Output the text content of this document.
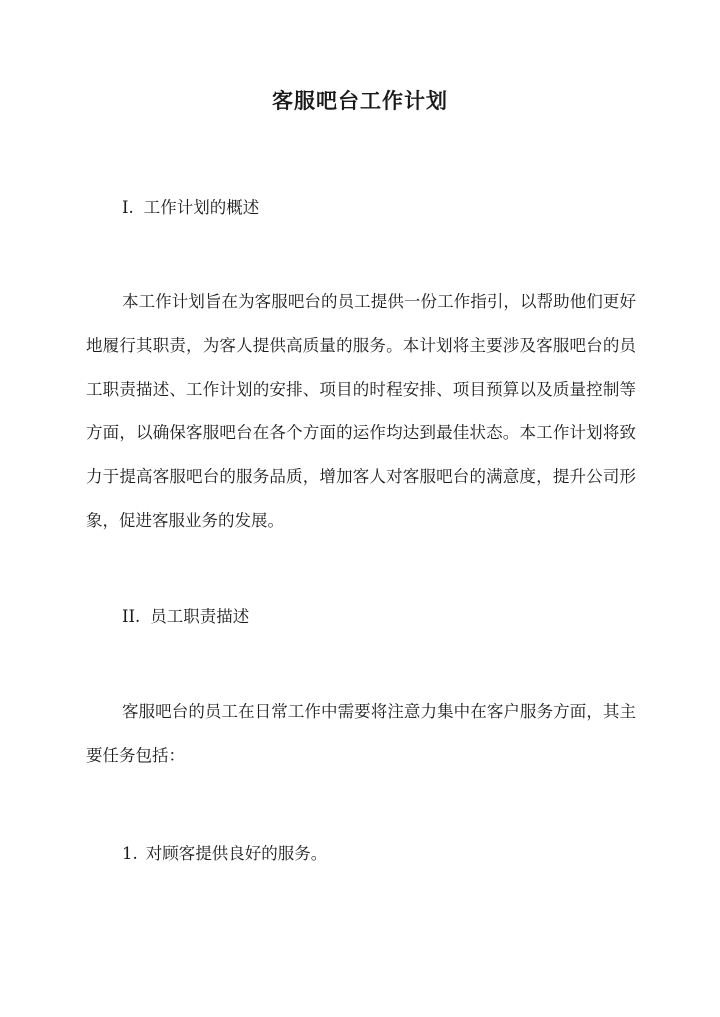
客服吧台工作计划
I. 工作计划的概述

本工作计划旨在为客服吧台的员工提供一份工作指引，以帮助他们更好地履行其职责，为客人提供高质量的服务。本计划将主要涉及客服吧台的员工职责描述、工作计划的安排、项目的时程安排、项目预算以及质量控制等方面，以确保客服吧台在各个方面的运作均达到最佳状态。本工作计划将致力于提高客服吧台的服务品质，增加客人对客服吧台的满意度，提升公司形象，促进客服业务的发展。

II. 员工职责描述

客服吧台的员工在日常工作中需要将注意力集中在客户服务方面，其主要任务包括：

1. 对顾客提供良好的服务。
